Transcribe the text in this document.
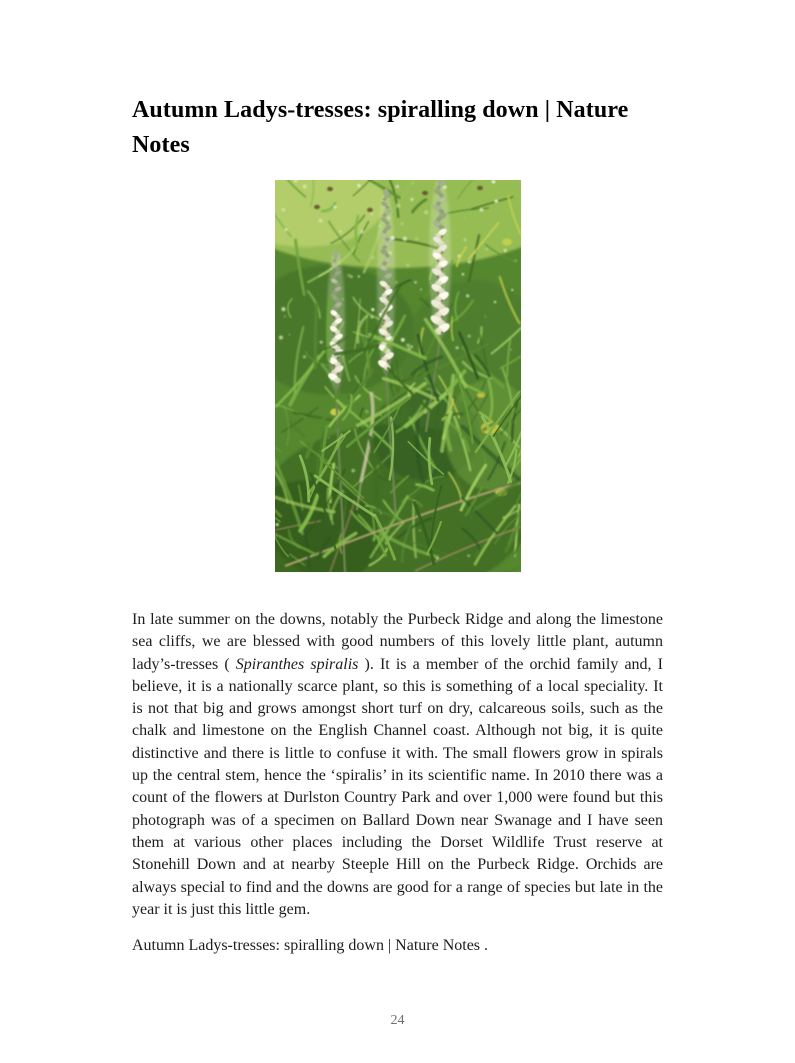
Autumn Ladys-tresses: spiralling down | Nature
Notes

In late summer on the downs, notably the Purbeck Ridge and along the limestone sea cliffs, we are blessed with good numbers of this lovely little plant, autumn lady’s-tresses ( Spiranthes spiralis ). It is a member of the orchid family and, I believe, it is a nationally scarce plant, so this is something of a local speciality. It is not that big and grows amongst short turf on dry, calcareous soils, such as the chalk and limestone on the English Channel coast. Although not big, it is quite distinctive and there is little to confuse it with. The small flowers grow in spirals up the central stem, hence the ‘spiralis’ in its scientific name. In 2010 there was a count of the flowers at Durlston Country Park and over 1,000 were found but this photograph was of a specimen on Ballard Down near Swanage and I have seen them at various other places including the Dorset Wildlife Trust reserve at Stonehill Down and at nearby Steeple Hill on the Purbeck Ridge. Orchids are always special to find and the downs are good for a range of species but late in the year it is just this little gem.

Autumn Ladys-tresses: spiralling down | Nature Notes .

24
